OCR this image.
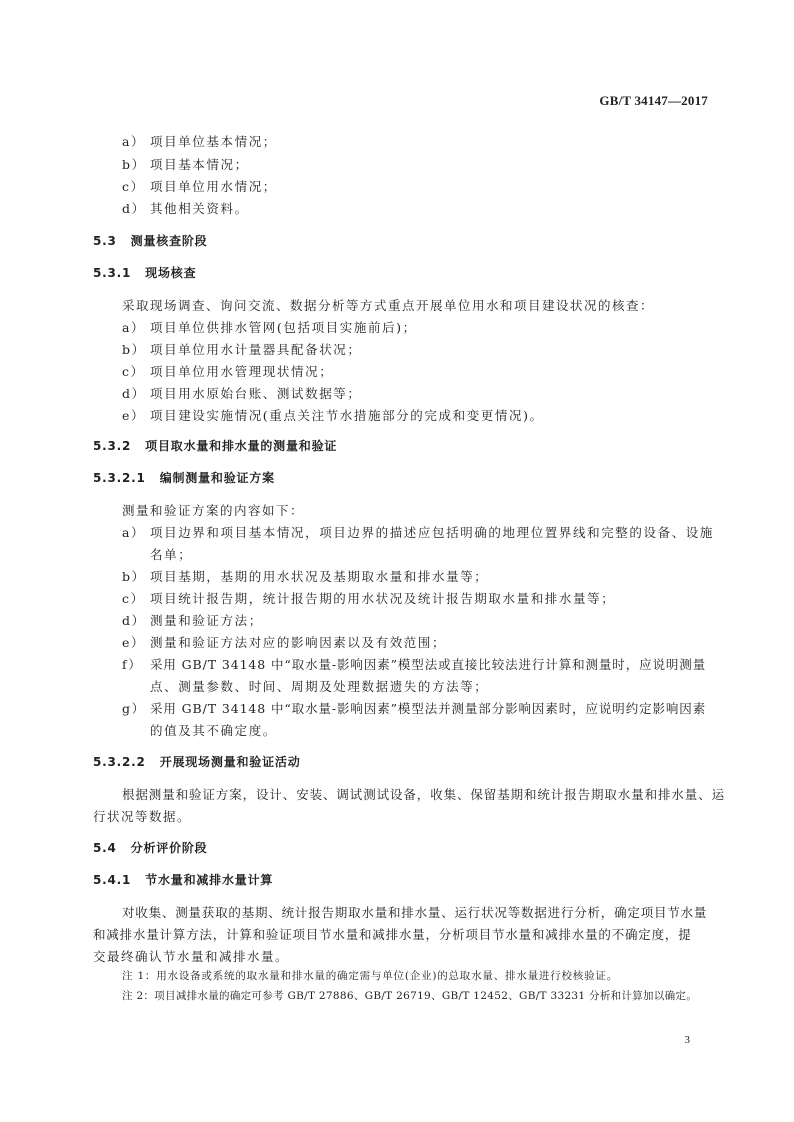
GB/T 34147—2017
a） 项目单位基本情况；
b） 项目基本情况；
c） 项目单位用水情况；
d） 其他相关资料。
5.3 测量核查阶段
5.3.1 现场核查
采取现场调查、询问交流、数据分析等方式重点开展单位用水和项目建设状况的核查：
a） 项目单位供排水管网(包括项目实施前后)；
b） 项目单位用水计量器具配备状况；
c） 项目单位用水管理现状情况；
d） 项目用水原始台账、测试数据等；
e） 项目建设实施情况(重点关注节水措施部分的完成和变更情况)。
5.3.2 项目取水量和排水量的测量和验证
5.3.2.1 编制测量和验证方案
测量和验证方案的内容如下：
a） 项目边界和项目基本情况，项目边界的描述应包括明确的地理位置界线和完整的设备、设施
名单；
b） 项目基期，基期的用水状况及基期取水量和排水量等；
c） 项目统计报告期，统计报告期的用水状况及统计报告期取水量和排水量等；
d） 测量和验证方法；
e） 测量和验证方法对应的影响因素以及有效范围；
f） 采用 GB/T 34148 中“取水量-影响因素”模型法或直接比较法进行计算和测量时，应说明测量
点、测量参数、时间、周期及处理数据遗失的方法等；
g） 采用 GB/T 34148 中“取水量-影响因素”模型法并测量部分影响因素时，应说明约定影响因素
的值及其不确定度。
5.3.2.2 开展现场测量和验证活动
根据测量和验证方案，设计、安装、调试测试设备，收集、保留基期和统计报告期取水量和排水量、运
行状况等数据。
5.4 分析评价阶段
5.4.1 节水量和减排水量计算
对收集、测量获取的基期、统计报告期取水量和排水量、运行状况等数据进行分析，确定项目节水量
和减排水量计算方法，计算和验证项目节水量和减排水量，分析项目节水量和减排水量的不确定度，提
交最终确认节水量和减排水量。
注 1：用水设备或系统的取水量和排水量的确定需与单位(企业)的总取水量、排水量进行校核验证。
注 2：项目减排水量的确定可参考 GB/T 27886、GB/T 26719、GB/T 12452、GB/T 33231 分析和计算加以确定。
3
